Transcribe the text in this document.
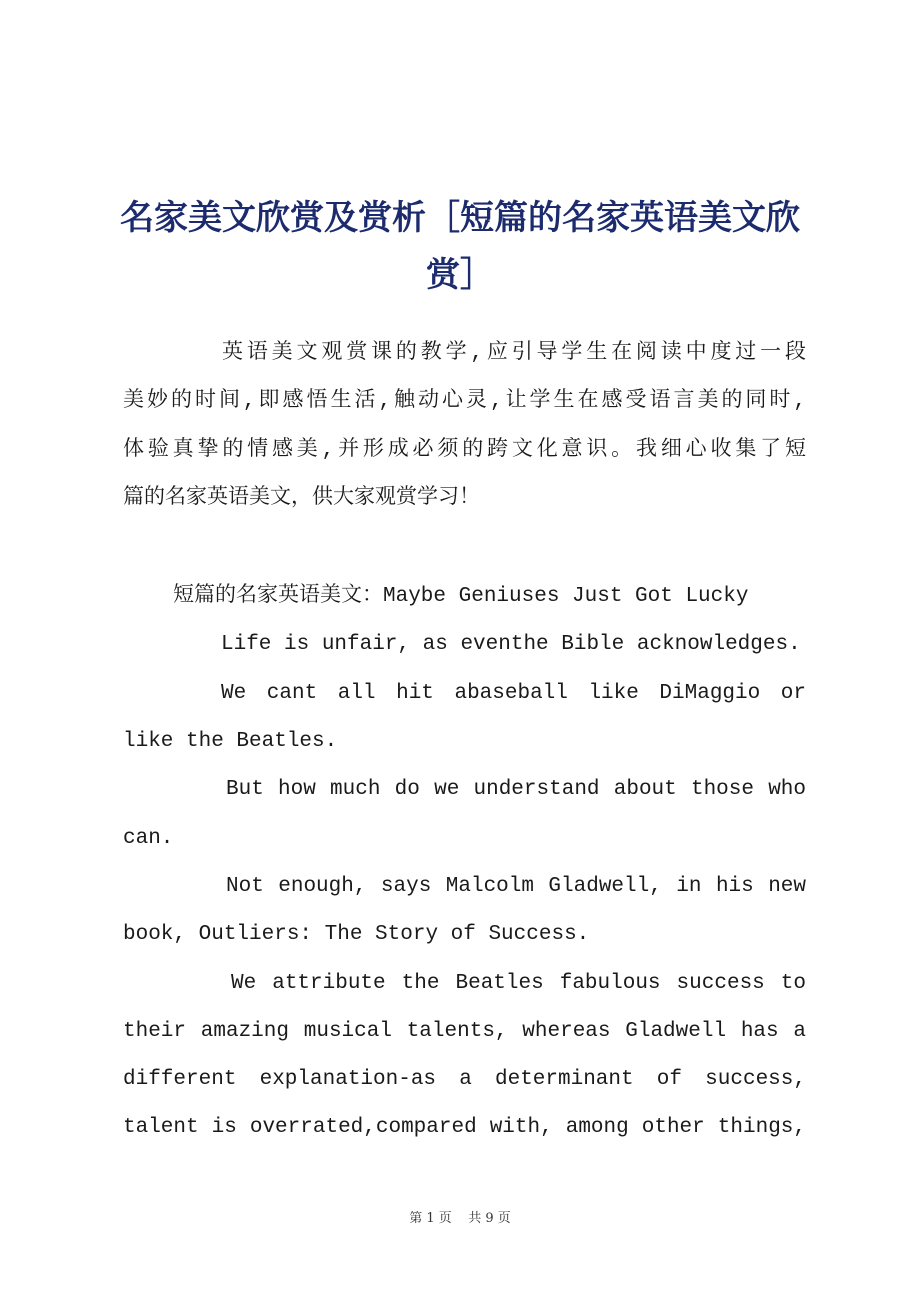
名家美文欣赏及赏析［短篇的名家英语美文欣
赏］
英语美文观赏课的教学,应引导学生在阅读中度过一段
美妙的时间,即感悟生活,触动心灵,让学生在感受语言美的同时,
体验真挚的情感美,并形成必须的跨文化意识。我细心收集了短
篇的名家英语美文，供大家观赏学习！
短篇的名家英语美文：Maybe Geniuses Just Got Lucky
Life is unfair, as eventhe Bible acknowledges.
We cant all hit abaseball like DiMaggio or
like the Beatles.
But how much do we understand about those who
can.
Not enough, says Malcolm Gladwell, in his new
book, Outliers: The Story of Success.
We attribute the Beatles fabulous success to
their amazing musical talents, whereas Gladwell has a
different explanation-as a determinant of success,
talent is overrated,compared with, among other things,
第 1 页 共 9 页
